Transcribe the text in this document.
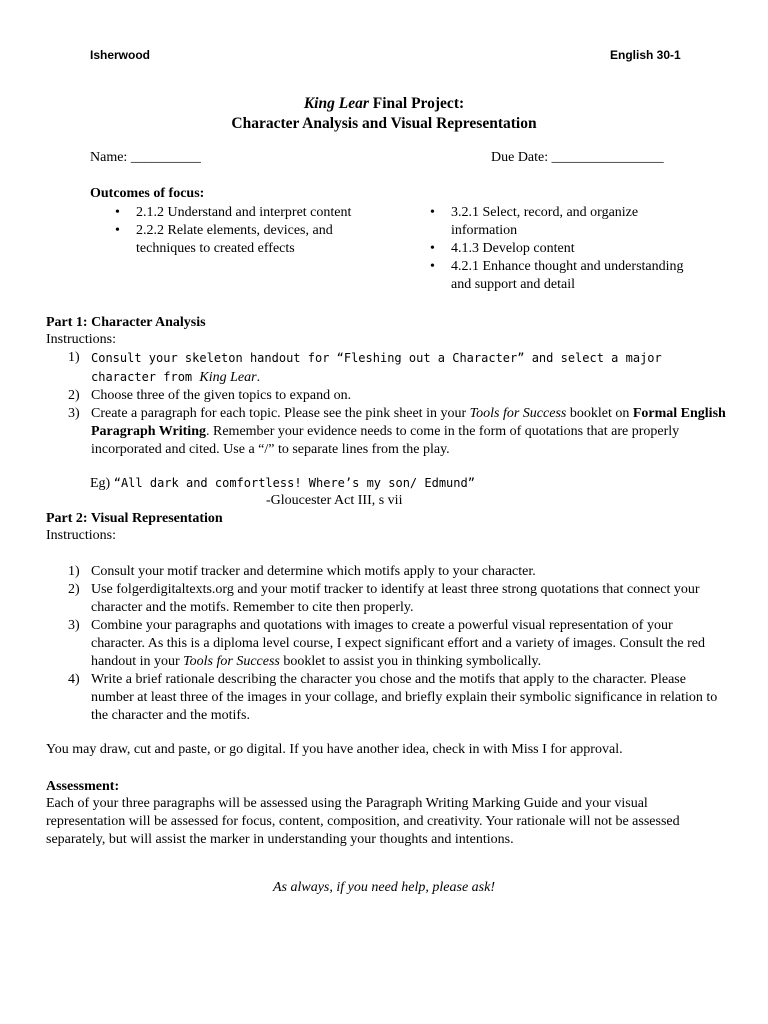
Isherwood	English 30-1
King Lear Final Project:
Character Analysis and Visual Representation
Name: __________	Due Date: ________________
Outcomes of focus:
• 2.1.2 Understand and interpret content
• 2.2.2 Relate elements, devices, and techniques to created effects
• 3.2.1 Select, record, and organize information
• 4.1.3 Develop content
• 4.2.1 Enhance thought and understanding and support and detail
Part 1: Character Analysis
Instructions:
1) Consult your skeleton handout for “Fleshing out a Character” and select a major character from King Lear.
2) Choose three of the given topics to expand on.
3) Create a paragraph for each topic. Please see the pink sheet in your Tools for Success booklet on Formal English Paragraph Writing. Remember your evidence needs to come in the form of quotations that are properly incorporated and cited. Use a “/” to separate lines from the play.
Eg) “All dark and comfortless! Where’s my son/ Edmund”
-Gloucester Act III, s vii
Part 2: Visual Representation
Instructions:
1) Consult your motif tracker and determine which motifs apply to your character.
2) Use folgerdigitaltexts.org and your motif tracker to identify at least three strong quotations that connect your character and the motifs. Remember to cite then properly.
3) Combine your paragraphs and quotations with images to create a powerful visual representation of your character. As this is a diploma level course, I expect significant effort and a variety of images. Consult the red handout in your Tools for Success booklet to assist you in thinking symbolically.
4) Write a brief rationale describing the character you chose and the motifs that apply to the character. Please number at least three of the images in your collage, and briefly explain their symbolic significance in relation to the character and the motifs.
You may draw, cut and paste, or go digital. If you have another idea, check in with Miss I for approval.
Assessment:
Each of your three paragraphs will be assessed using the Paragraph Writing Marking Guide and your visual representation will be assessed for focus, content, composition, and creativity. Your rationale will not be assessed separately, but will assist the marker in understanding your thoughts and intentions.
As always, if you need help, please ask!
